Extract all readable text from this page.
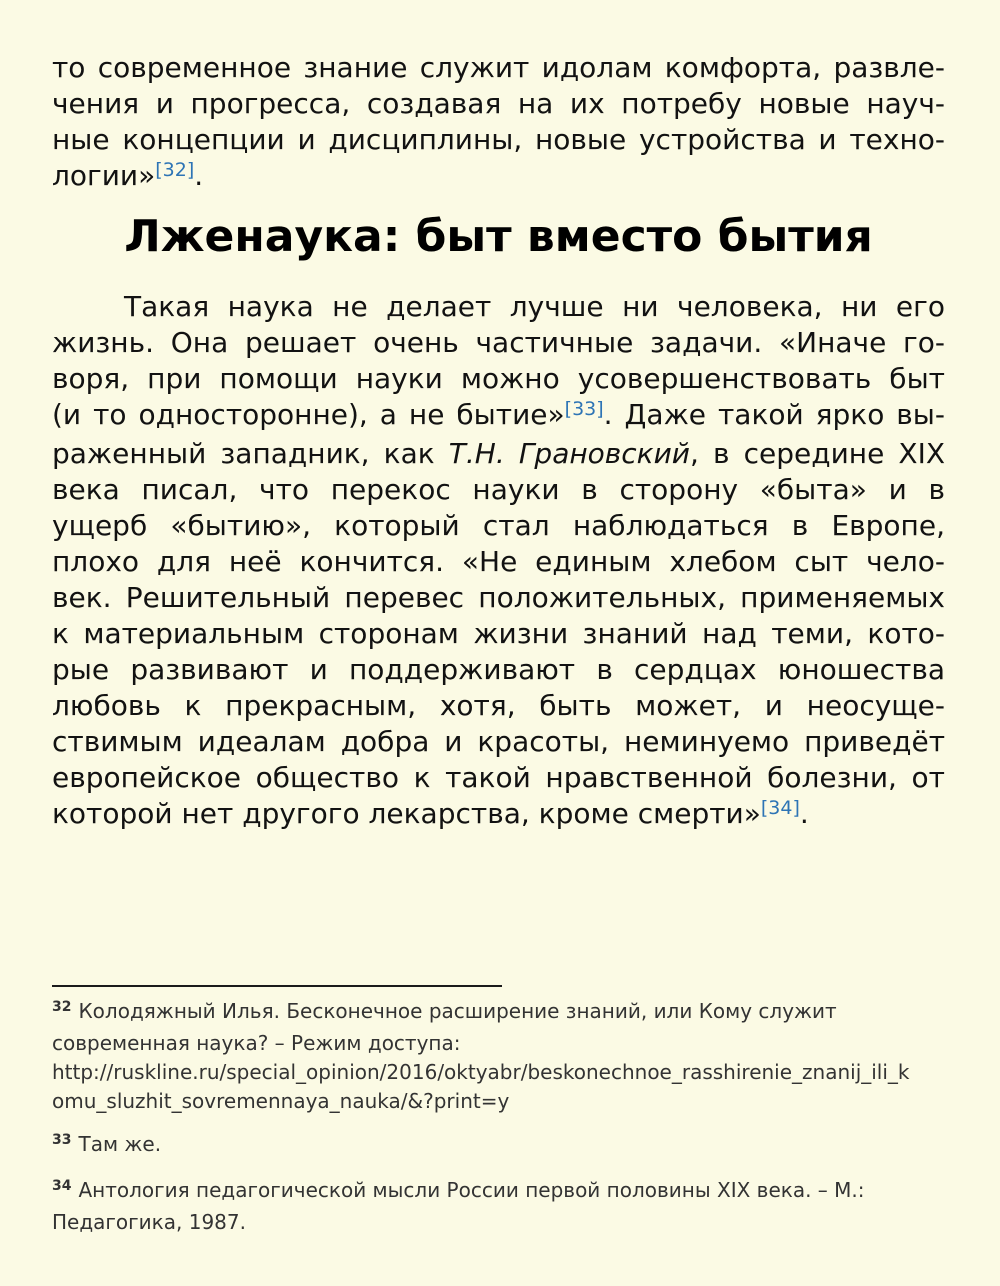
то современное знание служит идолам комфорта, развле-
чения и прогресса, создавая на их потребу новые науч-
ные концепции и дисциплины, новые устройства и техно-
логии»[32].
Лженаука: быт вместо бытия
Такая наука не делает лучше ни человека, ни его
жизнь. Она решает очень частичные задачи. «Иначе го-
воря, при помощи науки можно усовершенствовать быт
(и то односторонне), а не бытие»[33]. Даже такой ярко вы-
раженный западник, как Т.Н. Грановский, в середине XIX
века писал, что перекос науки в сторону «быта» и в
ущерб «бытию», который стал наблюдаться в Европе,
плохо для неё кончится. «Не единым хлебом сыт чело-
век. Решительный перевес положительных, применяемых
к материальным сторонам жизни знаний над теми, кото-
рые развивают и поддерживают в сердцах юношества
любовь к прекрасным, хотя, быть может, и неосуще-
ствимым идеалам добра и красоты, неминуемо приведёт
европейское общество к такой нравственной болезни, от
которой нет другого лекарства, кроме смерти»[34].
$^{32}$ Колодяжный Илья. Бесконечное расширение знаний, или Кому служит
современная наука? – Режим доступа:
http://ruskline.ru/special_opinion/2016/oktyabr/beskonechnoe_rasshirenie_znanij_ili_k
omu_sluzhit_sovremennaya_nauka/&?print=y
$^{33}$ Там же.
$^{34}$ Антология педагогической мысли России первой половины XIX века. – М.:
Педагогика, 1987.
